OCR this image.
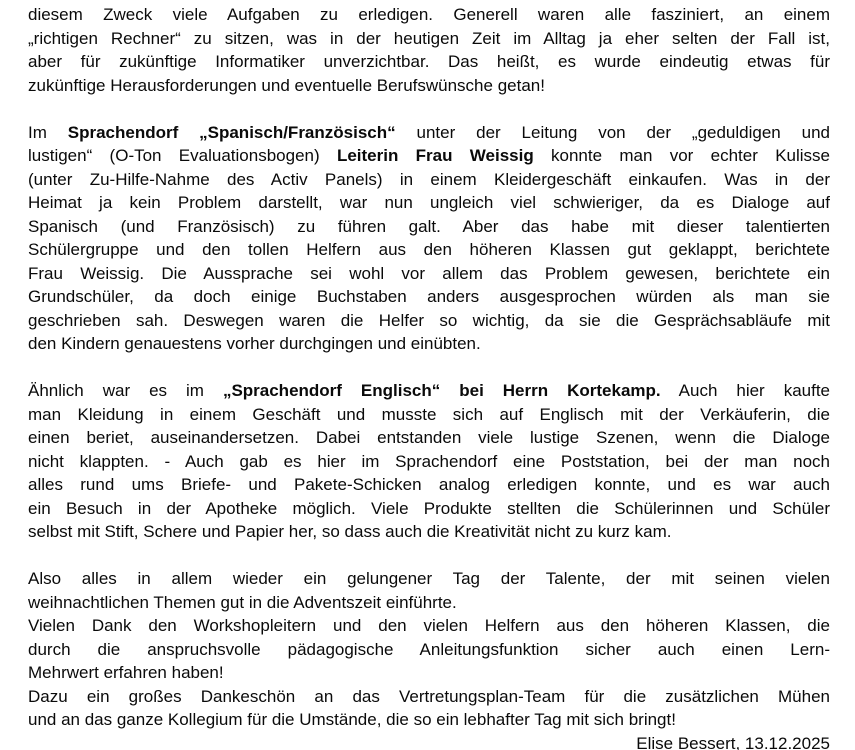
diesem Zweck viele Aufgaben zu erledigen. Generell waren alle fasziniert, an einem
„richtigen Rechner“ zu sitzen, was in der heutigen Zeit im Alltag ja eher selten der Fall ist,
aber für zukünftige Informatiker unverzichtbar. Das heißt, es wurde eindeutig etwas für
zukünftige Herausforderungen und eventuelle Berufswünsche getan!
Im Sprachendorf „Spanisch/Französisch“ unter der Leitung von der „geduldigen und
lustigen“ (O-Ton Evaluationsbogen) Leiterin Frau Weissig konnte man vor echter Kulisse
(unter Zu-Hilfe-Nahme des Activ Panels) in einem Kleidergeschäft einkaufen. Was in der
Heimat ja kein Problem darstellt, war nun ungleich viel schwieriger, da es Dialoge auf
Spanisch (und Französisch) zu führen galt. Aber das habe mit dieser talentierten
Schülergruppe und den tollen Helfern aus den höheren Klassen gut geklappt, berichtete
Frau Weissig. Die Aussprache sei wohl vor allem das Problem gewesen, berichtete ein
Grundschüler, da doch einige Buchstaben anders ausgesprochen würden als man sie
geschrieben sah. Deswegen waren die Helfer so wichtig, da sie die Gesprächsabläufe mit
den Kindern genauestens vorher durchgingen und einübten.
Ähnlich war es im „Sprachendorf Englisch“ bei Herrn Kortekamp. Auch hier kaufte
man Kleidung in einem Geschäft und musste sich auf Englisch mit der Verkäuferin, die
einen beriet, auseinandersetzen. Dabei entstanden viele lustige Szenen, wenn die Dialoge
nicht klappten. - Auch gab es hier im Sprachendorf eine Poststation, bei der man noch
alles rund ums Briefe- und Pakete-Schicken analog erledigen konnte, und es war auch
ein Besuch in der Apotheke möglich. Viele Produkte stellten die Schülerinnen und Schüler
selbst mit Stift, Schere und Papier her, so dass auch die Kreativität nicht zu kurz kam.
Also alles in allem wieder ein gelungener Tag der Talente, der mit seinen vielen
weihnachtlichen Themen gut in die Adventszeit einführte.
Vielen Dank den Workshopleitern und den vielen Helfern aus den höheren Klassen, die
durch die anspruchsvolle pädagogische Anleitungsfunktion sicher auch einen Lern-
Mehrwert erfahren haben!
Dazu ein großes Dankeschön an das Vertretungsplan-Team für die zusätzlichen Mühen
und an das ganze Kollegium für die Umstände, die so ein lebhafter Tag mit sich bringt!
Elise Bessert, 13.12.2025
